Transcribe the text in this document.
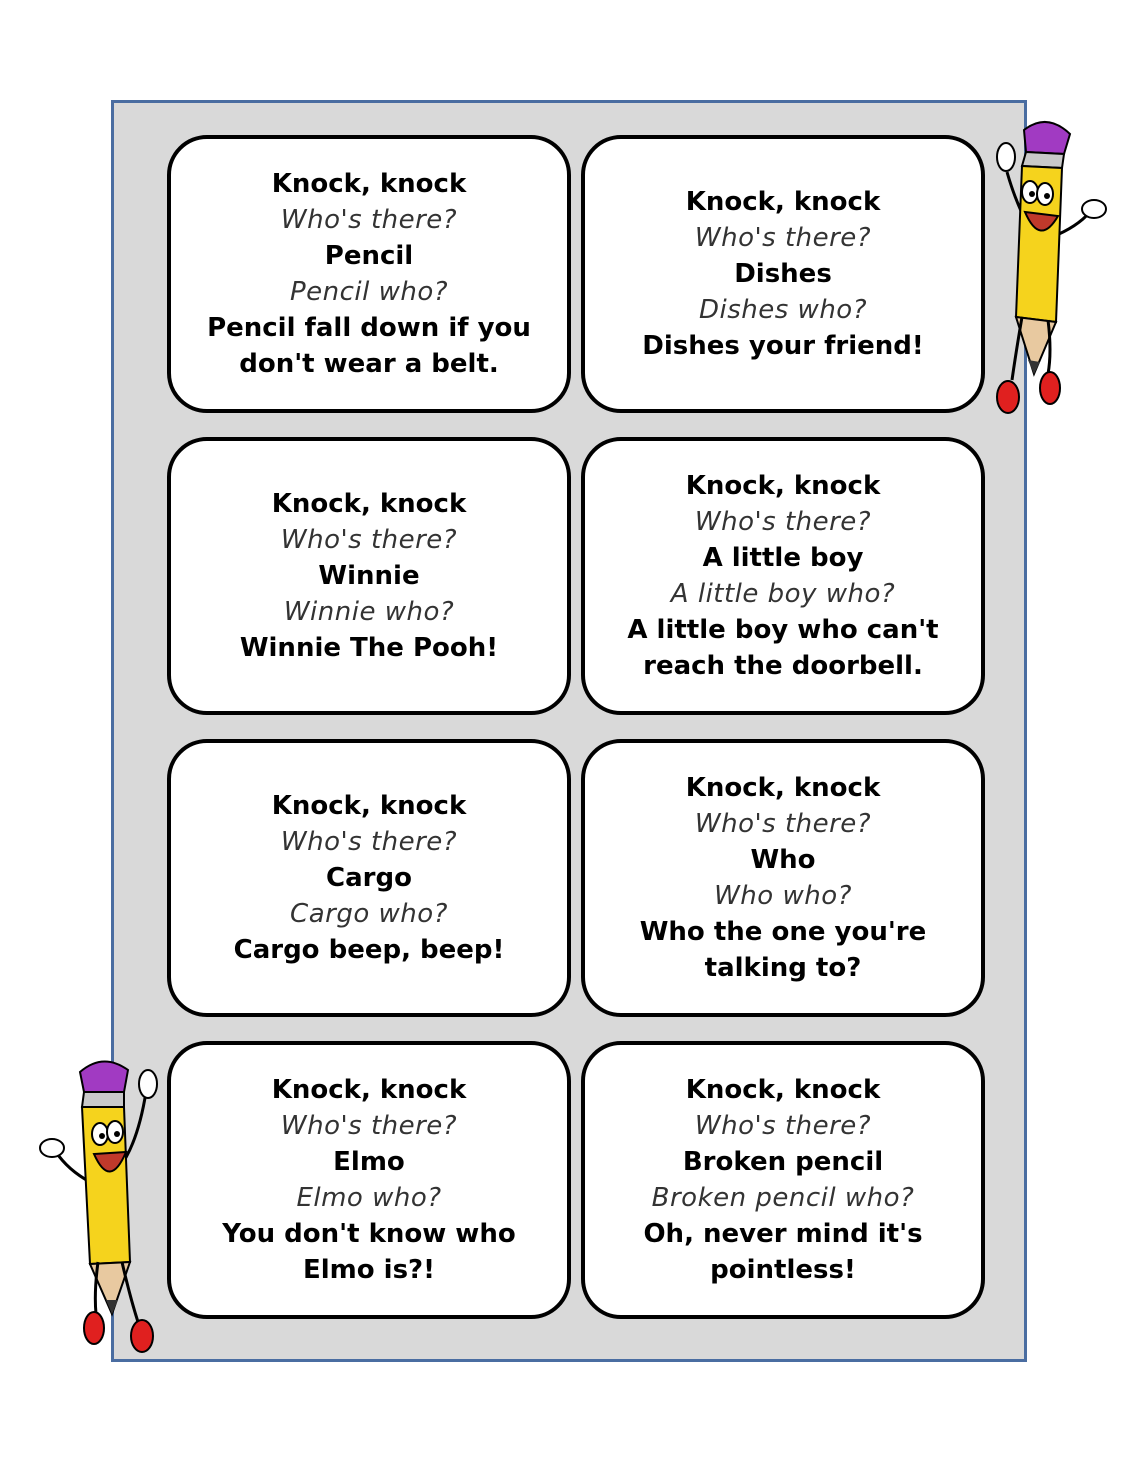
Knock, knock
Who's there?
Pencil
Pencil who?
Pencil fall down if you
don't wear a belt.
Knock, knock
Who's there?
Dishes
Dishes who?
Dishes your friend!
Knock, knock
Who's there?
Winnie
Winnie who?
Winnie The Pooh!
Knock, knock
Who's there?
A little boy
A little boy who?
A little boy who can't
reach the doorbell.
Knock, knock
Who's there?
Cargo
Cargo who?
Cargo beep, beep!
Knock, knock
Who's there?
Who
Who who?
Who the one you're
talking to?
Knock, knock
Who's there?
Elmo
Elmo who?
You don't know who
Elmo is?!
Knock, knock
Who's there?
Broken pencil
Broken pencil who?
Oh, never mind it's
pointless!
